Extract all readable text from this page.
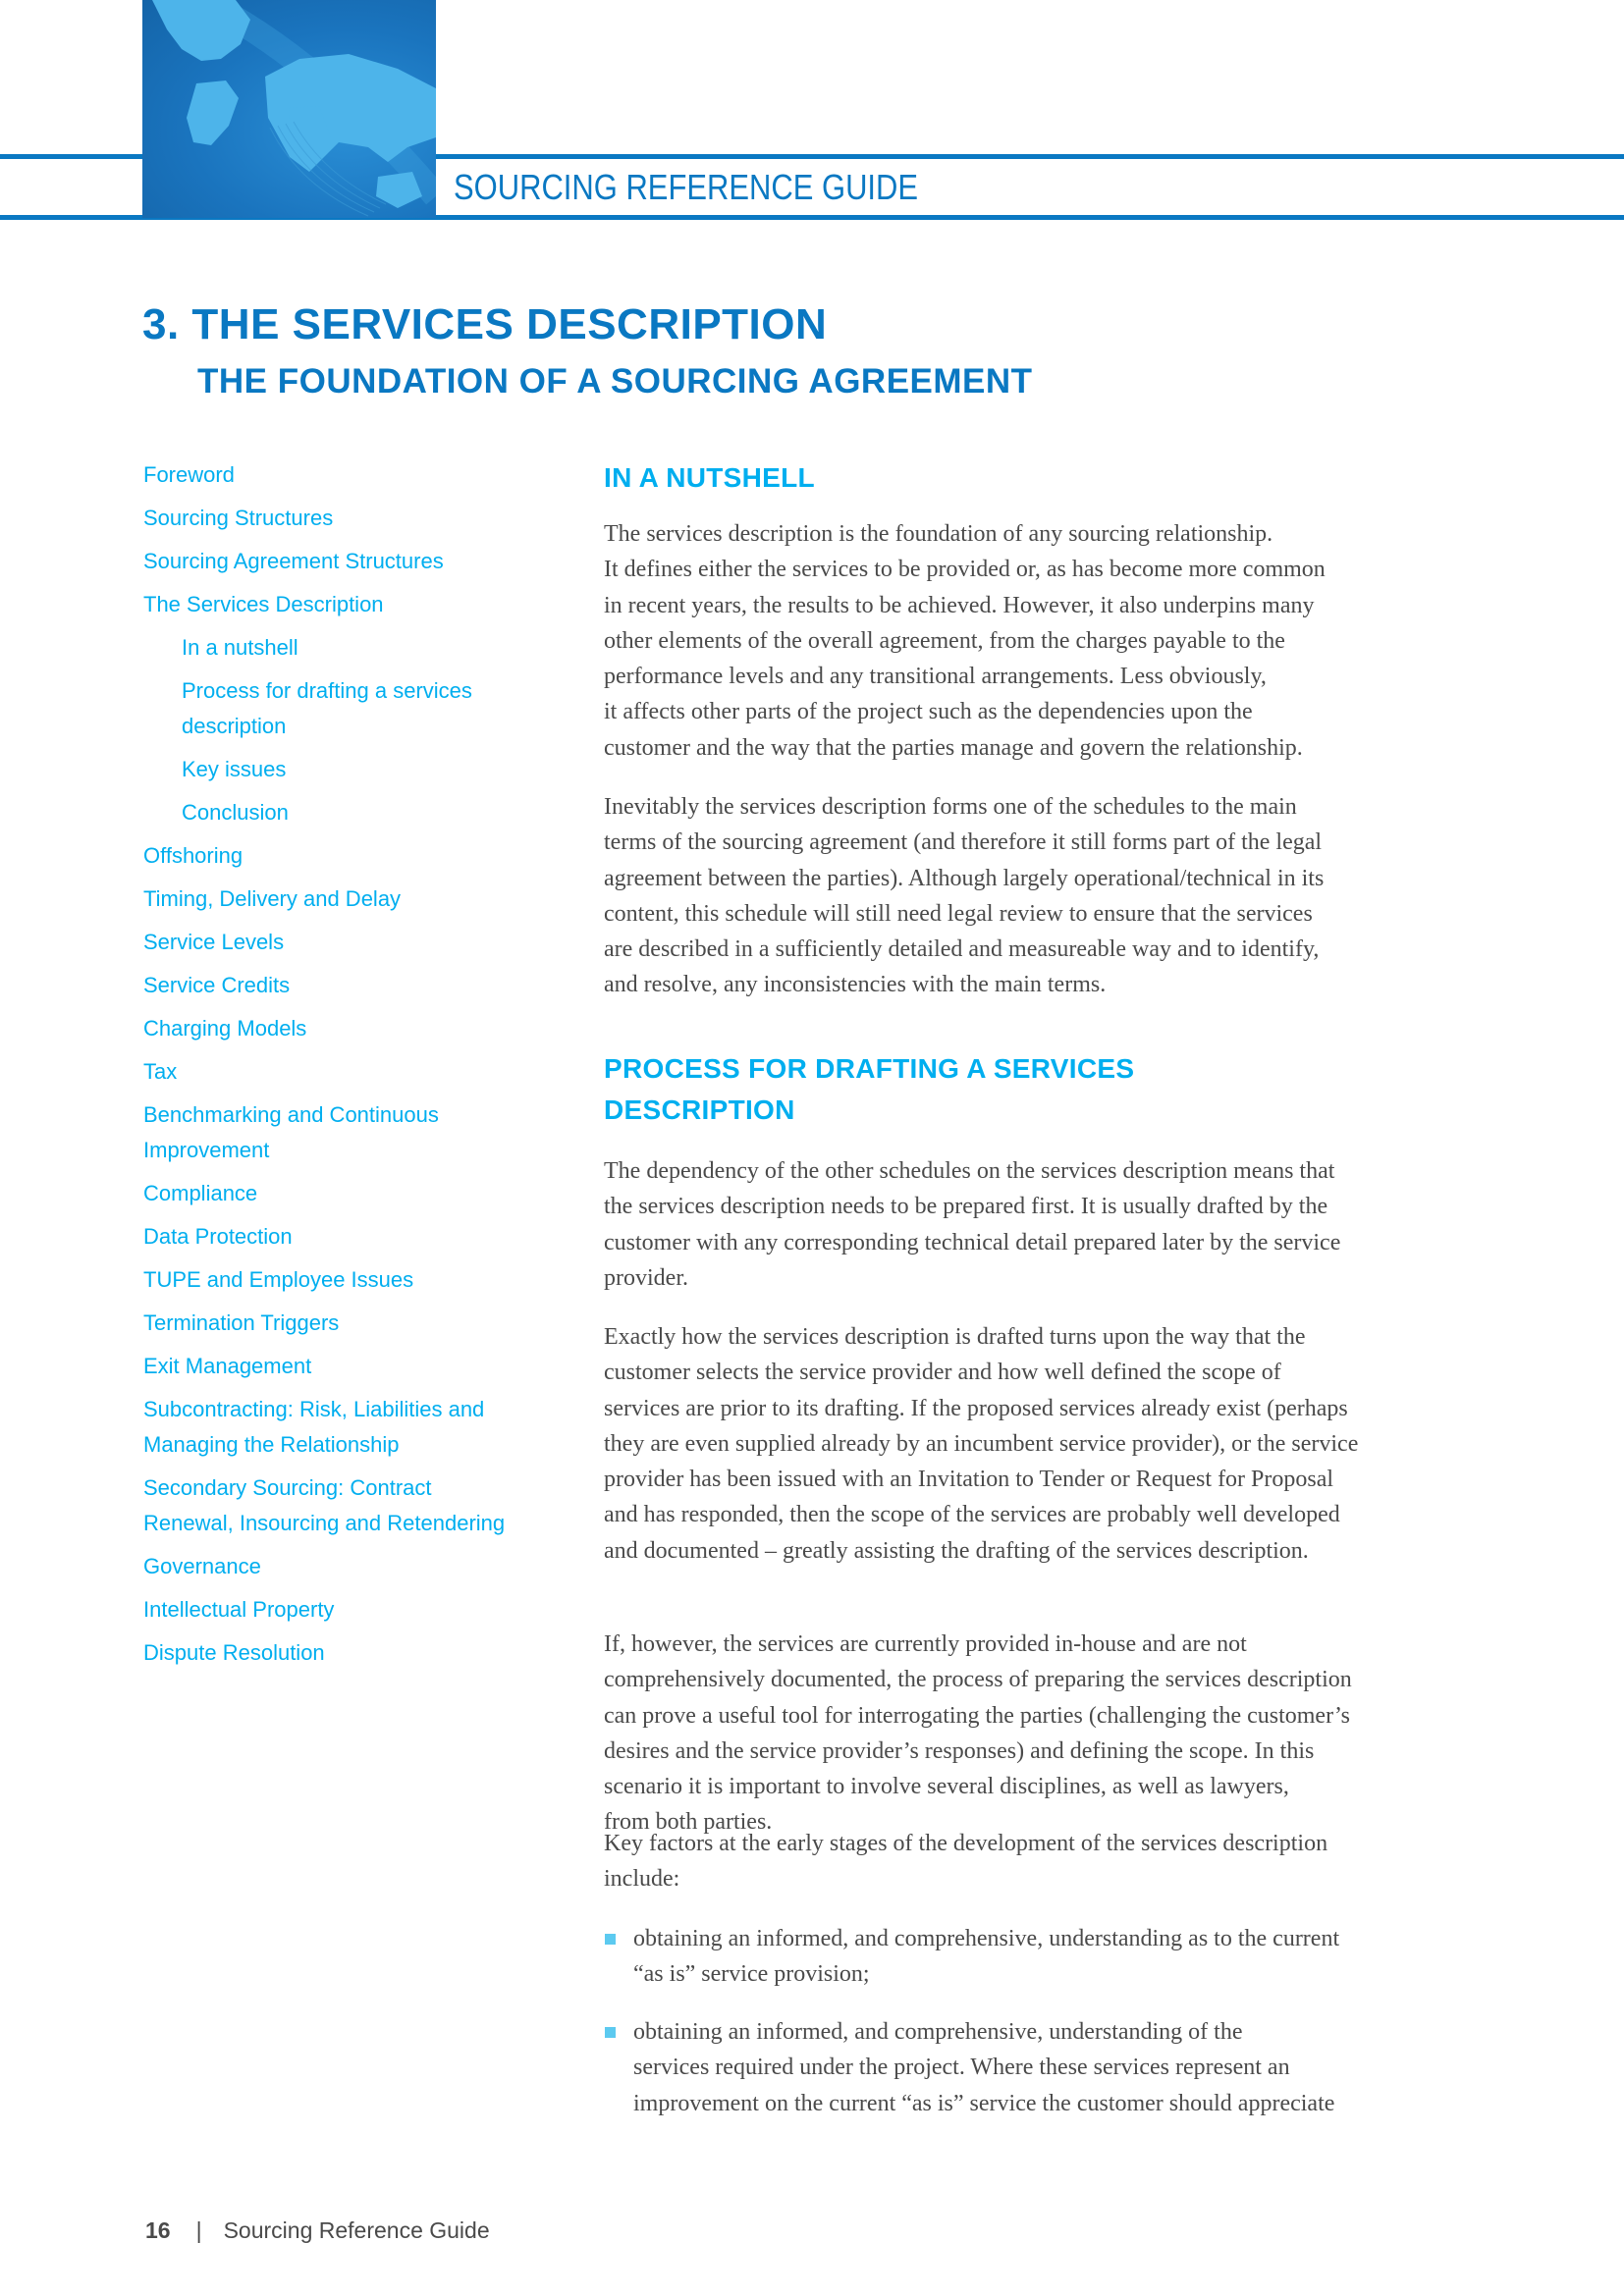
SOURCING REFERENCE GUIDE
3. THE SERVICES DESCRIPTION
THE FOUNDATION OF A SOURCING AGREEMENT
Foreword
Sourcing Structures
Sourcing Agreement Structures
The Services Description
In a nutshell
Process for drafting a services
description
Key issues
Conclusion
Offshoring
Timing, Delivery and Delay
Service Levels
Service Credits
Charging Models
Tax
Benchmarking and Continuous
Improvement
Compliance
Data Protection
TUPE and Employee Issues
Termination Triggers
Exit Management
Subcontracting: Risk, Liabilities and
Managing the Relationship
Secondary Sourcing: Contract
Renewal, Insourcing and Retendering
Governance
Intellectual Property
Dispute Resolution
IN A NUTSHELL

The services description is the foundation of any sourcing relationship.
It defines either the services to be provided or, as has become more common
in recent years, the results to be achieved. However, it also underpins many
other elements of the overall agreement, from the charges payable to the
performance levels and any transitional arrangements. Less obviously,
it affects other parts of the project such as the dependencies upon the
customer and the way that the parties manage and govern the relationship.

Inevitably the services description forms one of the schedules to the main
terms of the sourcing agreement (and therefore it still forms part of the legal
agreement between the parties). Although largely operational/technical in its
content, this schedule will still need legal review to ensure that the services
are described in a sufficiently detailed and measureable way and to identify,
and resolve, any inconsistencies with the main terms.

PROCESS FOR DRAFTING A SERVICES
DESCRIPTION

The dependency of the other schedules on the services description means that
the services description needs to be prepared first. It is usually drafted by the
customer with any corresponding technical detail prepared later by the service
provider.

Exactly how the services description is drafted turns upon the way that the
customer selects the service provider and how well defined the scope of
services are prior to its drafting. If the proposed services already exist (perhaps
they are even supplied already by an incumbent service provider), or the service
provider has been issued with an Invitation to Tender or Request for Proposal
and has responded, then the scope of the services are probably well developed
and documented – greatly assisting the drafting of the services description.

If, however, the services are currently provided in-house and are not
comprehensively documented, the process of preparing the services description
can prove a useful tool for interrogating the parties (challenging the customer’s
desires and the service provider’s responses) and defining the scope. In this
scenario it is important to involve several disciplines, as well as lawyers,
from both parties.

Key factors at the early stages of the development of the services description
include:

obtaining an informed, and comprehensive, understanding as to the current
“as is” service provision;
obtaining an informed, and comprehensive, understanding of the
services required under the project. Where these services represent an
improvement on the current “as is” service the customer should appreciate
16 | Sourcing Reference Guide
